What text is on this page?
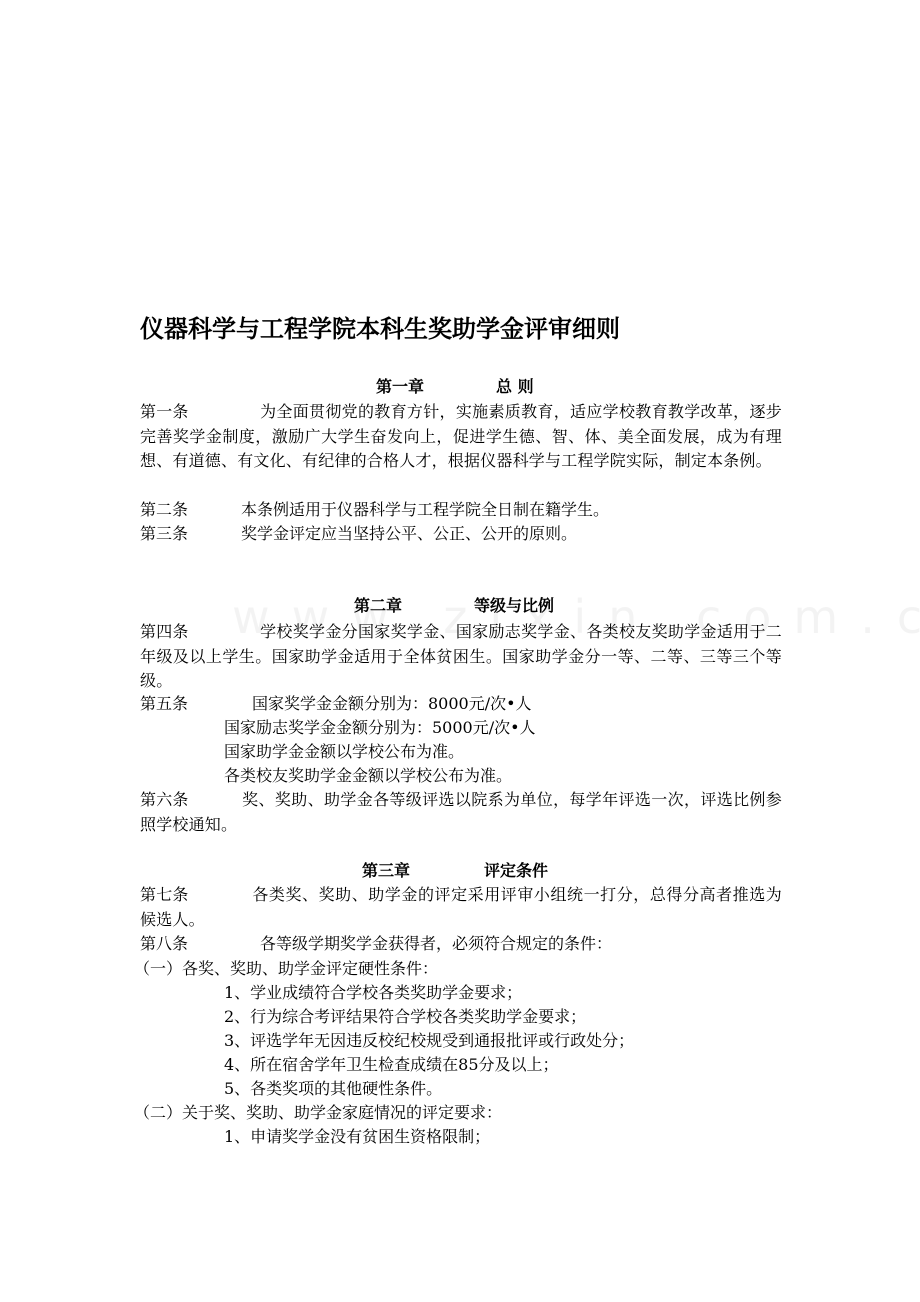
仪器科学与工程学院本科生奖助学金评审细则
第一章	总 则
第一条	为全面贯彻党的教育方针，实施素质教育，适应学校教育教学改革，逐步完善奖学金制度，激励广大学生奋发向上，促进学生德、智、体、美全面发展，成为有理想、有道德、有文化、有纪律的合格人才，根据仪器科学与工程学院实际，制定本条例。
第二条	本条例适用于仪器科学与工程学院全日制在籍学生。
第三条	奖学金评定应当坚持公平、公正、公开的原则。
第二章	等级与比例
第四条	学校奖学金分国家奖学金、国家励志奖学金、各类校友奖助学金适用于二年级及以上学生。国家助学金适用于全体贫困生。国家助学金分一等、二等、三等三个等级。
第五条	国家奖学金金额分别为：8000元/次•人
国家励志奖学金金额分别为：5000元/次•人
国家助学金金额以学校公布为准。
各类校友奖助学金金额以学校公布为准。
第六条	奖、奖助、助学金各等级评选以院系为单位，每学年评选一次，评选比例参照学校通知。
第三章	评定条件
第七条	各类奖、奖助、助学金的评定采用评审小组统一打分，总得分高者推选为候选人。
第八条	各等级学期奖学金获得者，必须符合规定的条件：
（一）各奖、奖助、助学金评定硬性条件：
1、学业成绩符合学校各类奖助学金要求；
2、行为综合考评结果符合学校各类奖助学金要求；
3、评选学年无因违反校纪校规受到通报批评或行政处分；
4、所在宿舍学年卫生检查成绩在85分及以上；
5、各类奖项的其他硬性条件。
（二）关于奖、奖助、助学金家庭情况的评定要求：
1、申请奖学金没有贫困生资格限制；
